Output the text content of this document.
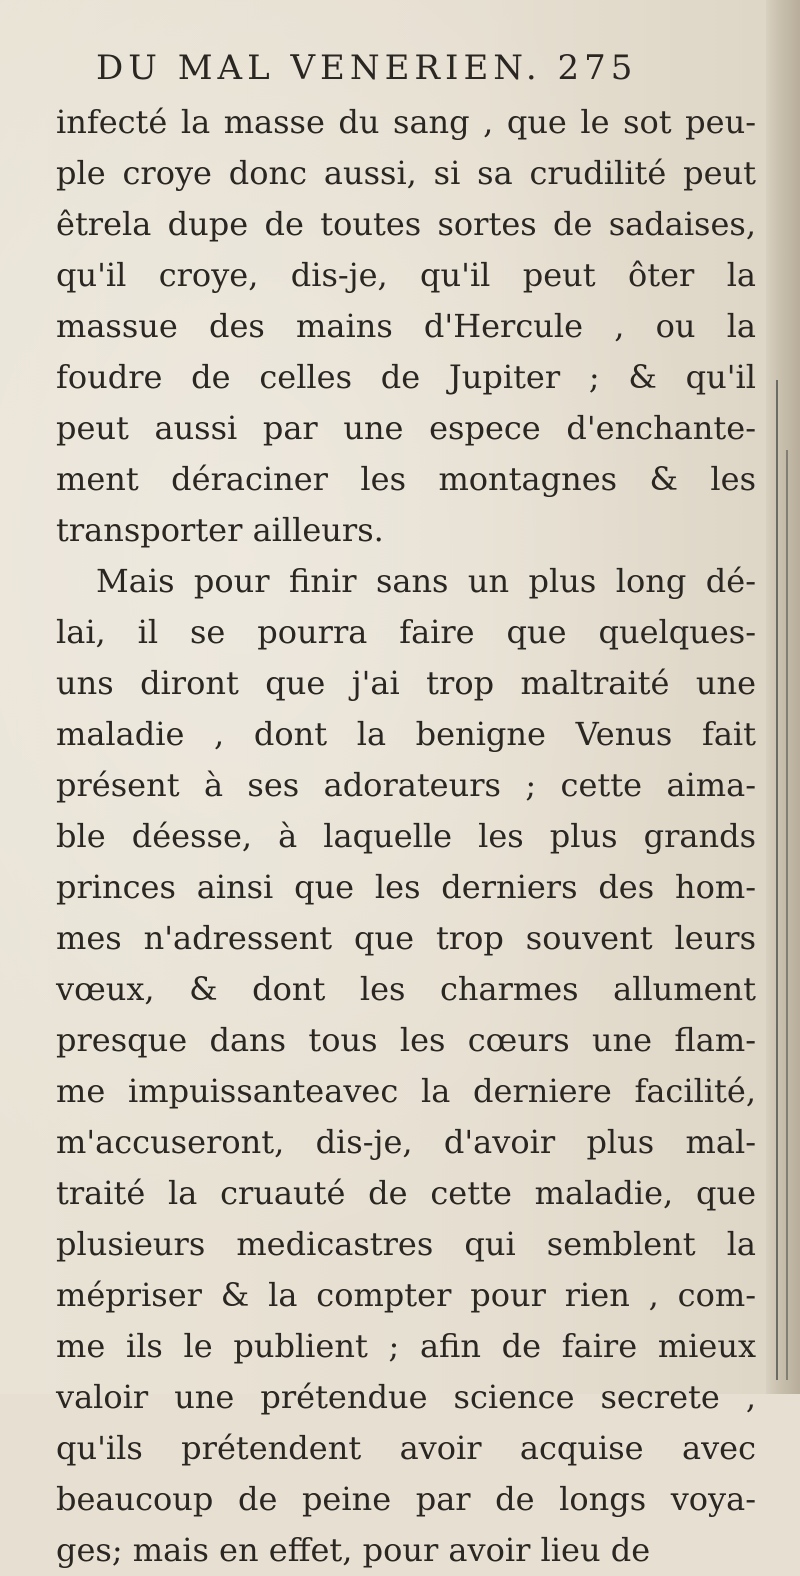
DU MAL VENERIEN. 275
infecté la masse du sang , que le sot peu-
ple croye donc aussi, si sa crudilité peut
êtrela dupe de toutes sortes de sadaises,
qu'il croye, dis-je, qu'il peut ôter la
massue des mains d'Hercule , ou la
foudre de celles de Jupiter ; & qu'il
peut aussi par une espece d'enchante-
ment déraciner les montagnes & les
transporter ailleurs.
Mais pour finir sans un plus long dé-
lai, il se pourra faire que quelques-
uns diront que j'ai trop maltraité une
maladie , dont la benigne Venus fait
présent à ses adorateurs ; cette aima-
ble déesse, à laquelle les plus grands
princes ainsi que les derniers des hom-
mes n'adressent que trop souvent leurs
vœux, & dont les charmes allument
presque dans tous les cœurs une flam-
me impuissanteavec la derniere facilité,
m'accuseront, dis-je, d'avoir plus mal-
traité la cruauté de cette maladie, que
plusieurs medicastres qui semblent la
mépriser & la compter pour rien , com-
me ils le publient ; afin de faire mieux
valoir une prétendue science secrete ,
qu'ils prétendent avoir acquise avec
beaucoup de peine par de longs voya-
ges; mais en effet, pour avoir lieu de
